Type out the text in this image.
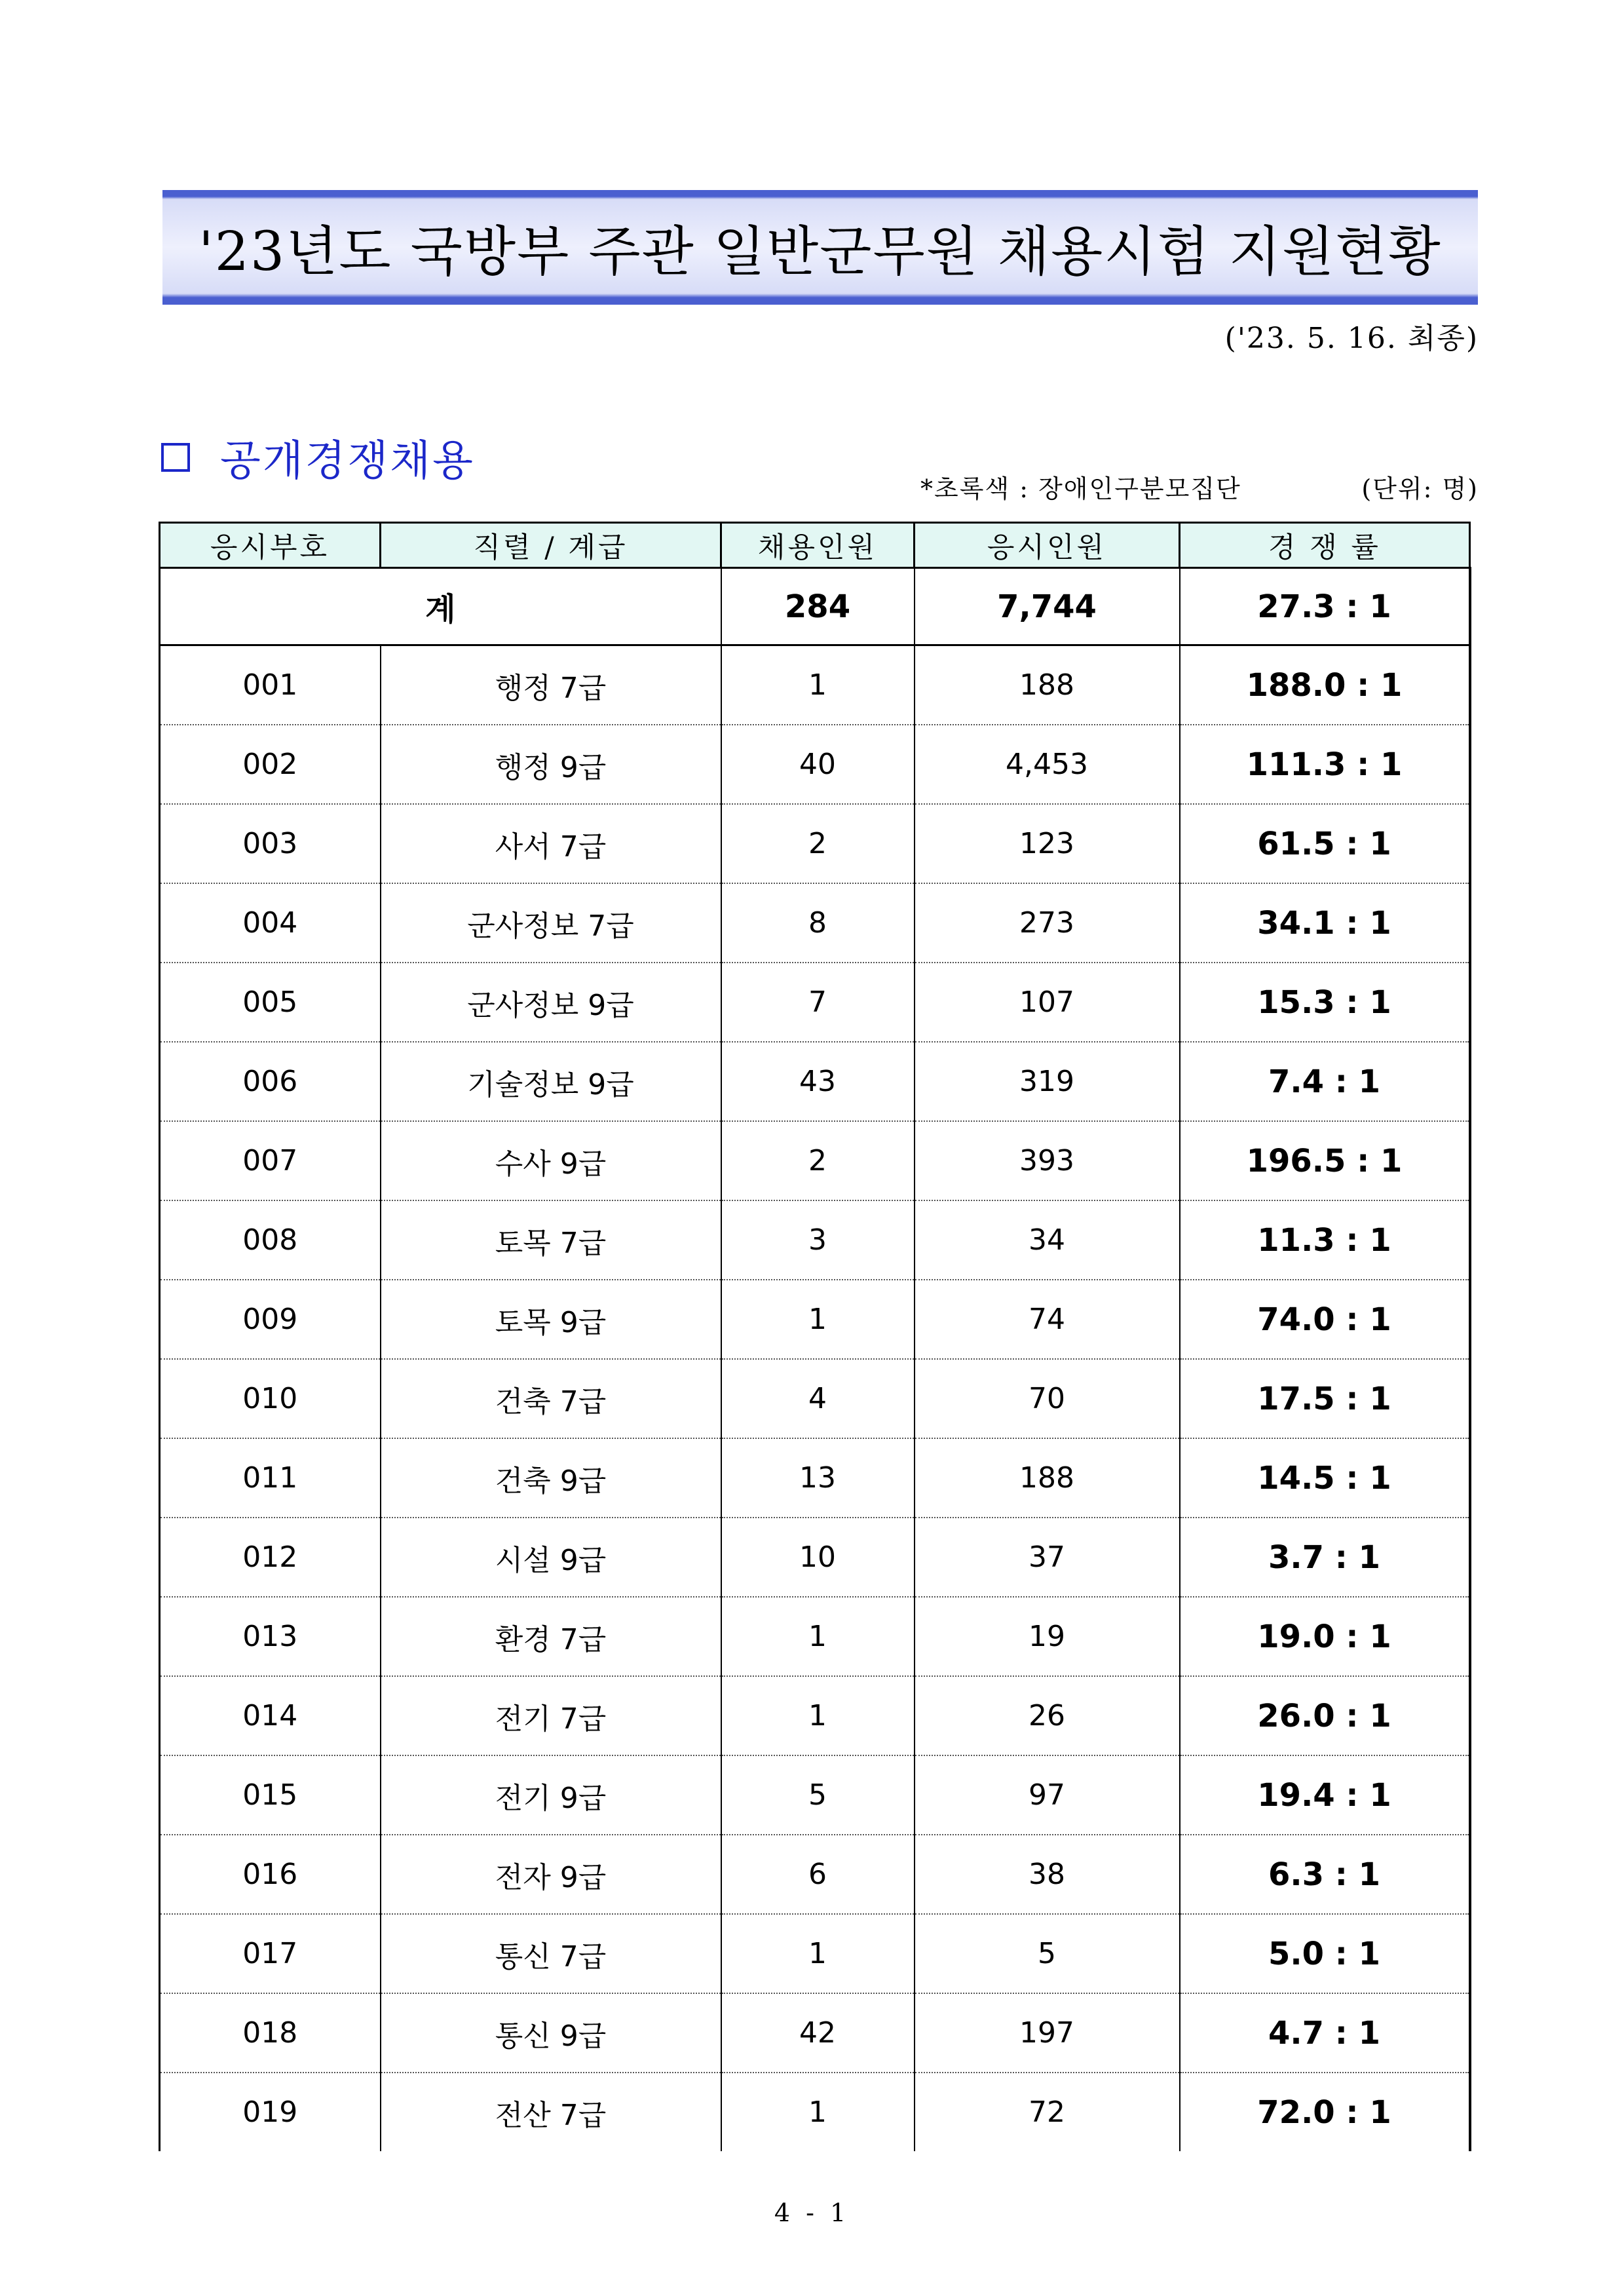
'23년도 국방부 주관 일반군무원 채용시험 지원현황
('23. 5. 16. 최종)
공개경쟁채용
*초록색 : 장애인구분모집단	(단위: 명)
응시부호	직렬 / 계급	채용인원	응시인원	경 쟁 률
계		284	7,744	27.3 : 1
001	행정 7급	1	188	188.0 : 1
002	행정 9급	40	4,453	111.3 : 1
003	사서 7급	2	123	61.5 : 1
004	군사정보 7급	8	273	34.1 : 1
005	군사정보 9급	7	107	15.3 : 1
006	기술정보 9급	43	319	7.4 : 1
007	수사 9급	2	393	196.5 : 1
008	토목 7급	3	34	11.3 : 1
009	토목 9급	1	74	74.0 : 1
010	건축 7급	4	70	17.5 : 1
011	건축 9급	13	188	14.5 : 1
012	시설 9급	10	37	3.7 : 1
013	환경 7급	1	19	19.0 : 1
014	전기 7급	1	26	26.0 : 1
015	전기 9급	5	97	19.4 : 1
016	전자 9급	6	38	6.3 : 1
017	통신 7급	1	5	5.0 : 1
018	통신 9급	42	197	4.7 : 1
019	전산 7급	1	72	72.0 : 1
4 - 1
